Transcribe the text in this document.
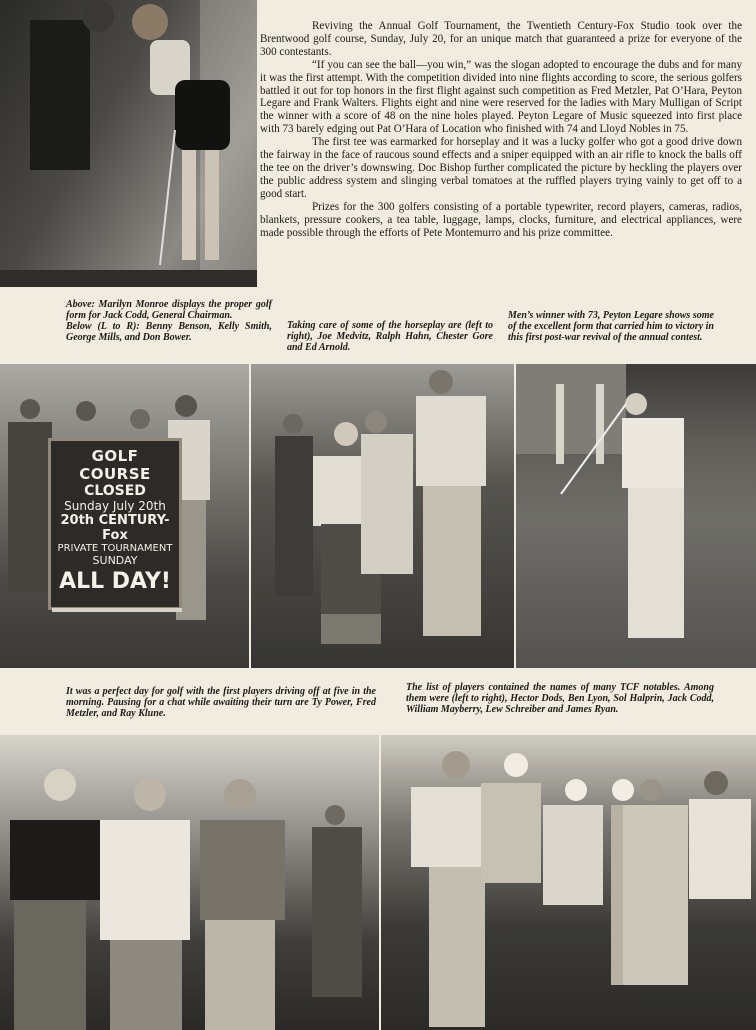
Reviving the Annual Golf Tournament, the Twentieth Century-Fox Studio took over the Brentwood golf course, Sunday, July 20, for an unique match that guaranteed a prize for everyone of the 300 contestants.

“If you can see the ball—you win,” was the slogan adopted to encourage the dubs and for many it was the first attempt. With the competition divided into nine flights according to score, the serious golfers battled it out for top honors in the first flight against such competition as Fred Metzler, Pat O’Hara, Peyton Legare and Frank Walters. Flights eight and nine were reserved for the ladies with Mary Mulligan of Script the winner with a score of 48 on the nine holes played. Peyton Legare of Music squeezed into first place with 73 barely edging out Pat O’Hara of Location who finished with 74 and Lloyd Nobles in 75.

The first tee was earmarked for horseplay and it was a lucky golfer who got a good drive down the fairway in the face of raucous sound effects and a sniper equipped with an air rifle to knock the balls off the tee on the driver’s downswing. Doc Bishop further complicated the picture by heckling the players over the public address system and slinging verbal tomatoes at the ruffled players trying vainly to get off to a good start.

Prizes for the 300 golfers consisting of a portable typewriter, record players, cameras, radios, blankets, pressure cookers, a tea table, luggage, lamps, clocks, furniture, and electrical appliances, were made possible through the efforts of Pete Montemurro and his prize committee.

Above: Marilyn Monroe displays the proper golf form for Jack Codd, General Chairman.

Below (L to R): Benny Benson, Kelly Smith, George Mills, and Don Bower.

Taking care of some of the horseplay are (left to right), Joe Medvitz, Ralph Hahn, Chester Gore and Ed Arnold.

Men’s winner with 73, Peyton Legare shows some of the excellent form that carried him to victory in this first post-war revival of the annual contest.

GOLF COURSE
CLOSED
Sunday July 20th
20th CENTURY-Fox
PRIVATE TOURNAMENT
SUNDAY
ALL DAY!

It was a perfect day for golf with the first players driving off at five in the morning. Pausing for a chat while awaiting their turn are Ty Power, Fred Metzler, and Ray Klune.

The list of players contained the names of many TCF notables. Among them were (left to right), Hector Dods, Ben Lyon, Sol Halprin, Jack Codd, William Mayberry, Lew Schreiber and James Ryan.
